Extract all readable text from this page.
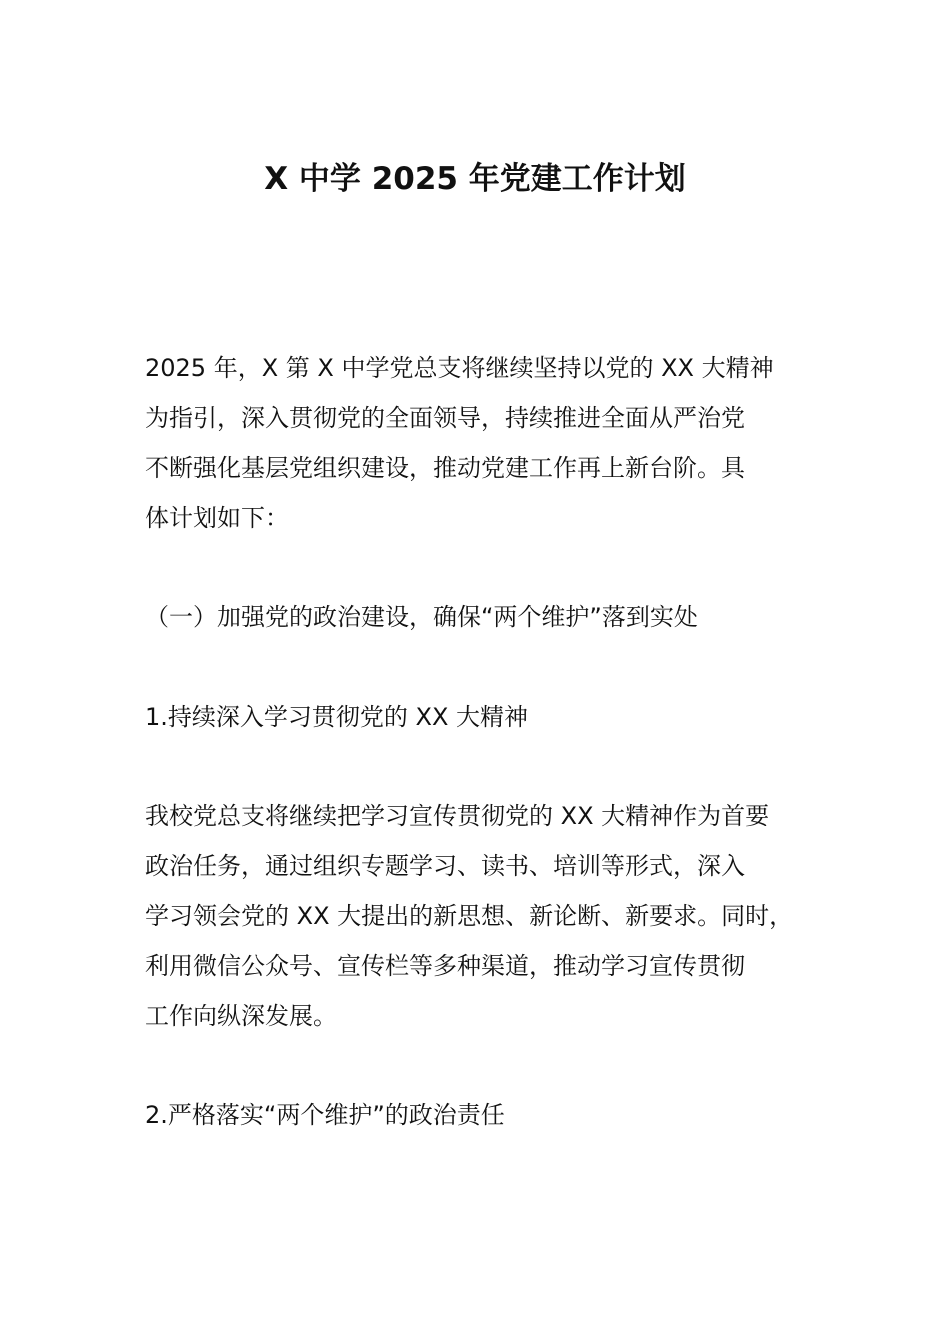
X 中学 2025 年党建工作计划
2025 年，X 第 X 中学党总支将继续坚持以党的 XX 大精神
为指引，深入贯彻党的全面领导，持续推进全面从严治党
不断强化基层党组织建设，推动党建工作再上新台阶。具
体计划如下：
（一）加强党的政治建设，确保“两个维护”落到实处
1.持续深入学习贯彻党的 XX 大精神
我校党总支将继续把学习宣传贯彻党的 XX 大精神作为首要
政治任务，通过组织专题学习、读书、培训等形式，深入
学习领会党的 XX 大提出的新思想、新论断、新要求。同时，
利用微信公众号、宣传栏等多种渠道，推动学习宣传贯彻
工作向纵深发展。
2.严格落实“两个维护”的政治责任
